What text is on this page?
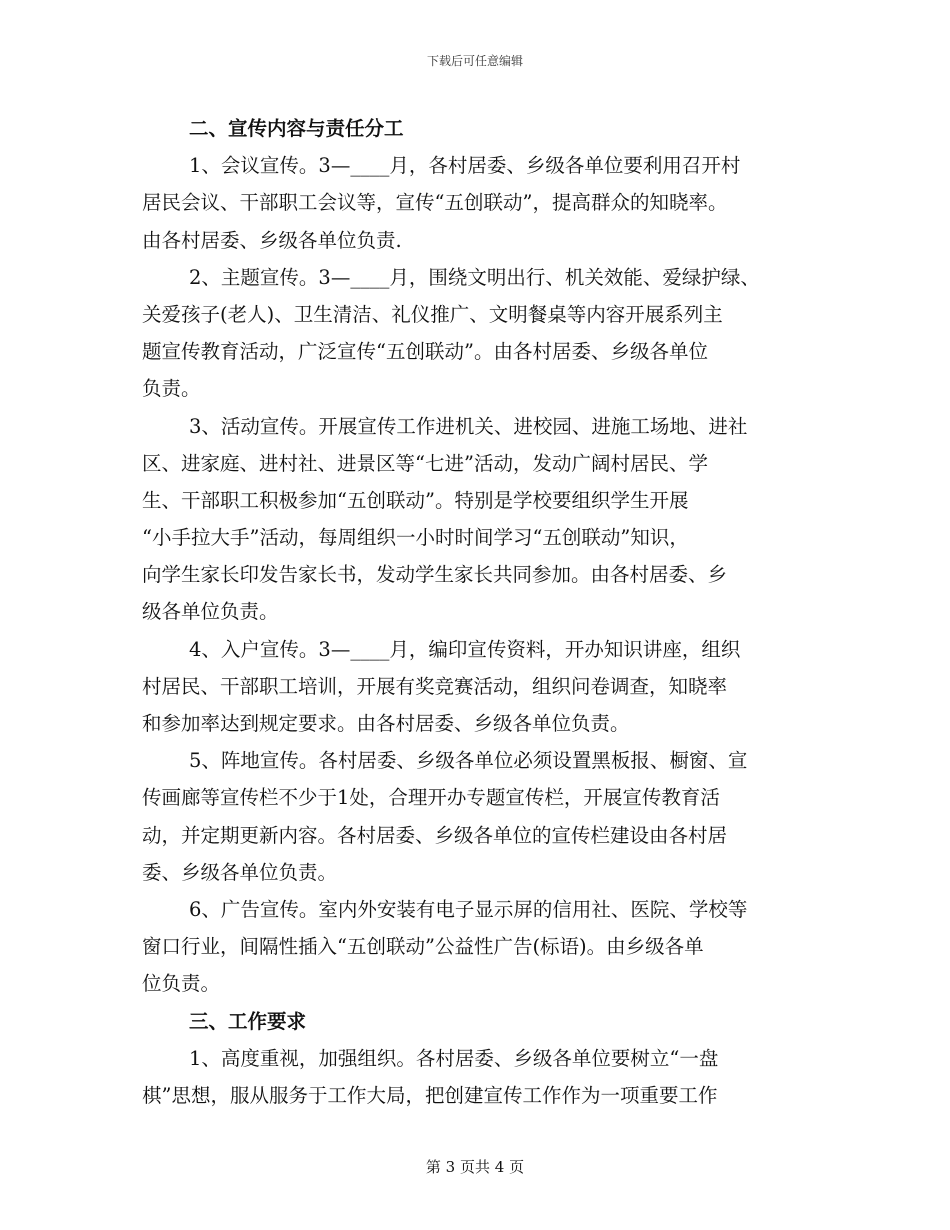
下载后可任意编辑
二、宣传内容与责任分工
1、会议宣传。3—____月，各村居委、乡级各单位要利用召开村
居民会议、干部职工会议等，宣传“五创联动”，提高群众的知晓率。
由各村居委、乡级各单位负责.
2、主题宣传。3—____月，围绕文明出行、机关效能、爱绿护绿、
关爱孩子(老人)、卫生清洁、礼仪推广、文明餐桌等内容开展系列主
题宣传教育活动，广泛宣传“五创联动”。由各村居委、乡级各单位
负责。
3、活动宣传。开展宣传工作进机关、进校园、进施工场地、进社
区、进家庭、进村社、进景区等“七进”活动，发动广阔村居民、学
生、干部职工积极参加“五创联动”。特别是学校要组织学生开展
“小手拉大手”活动，每周组织一小时时间学习“五创联动”知识，
向学生家长印发告家长书，发动学生家长共同参加。由各村居委、乡
级各单位负责。
4、入户宣传。3—____月，编印宣传资料，开办知识讲座，组织
村居民、干部职工培训，开展有奖竞赛活动，组织问卷调查，知晓率
和参加率达到规定要求。由各村居委、乡级各单位负责。
5、阵地宣传。各村居委、乡级各单位必须设置黑板报、橱窗、宣
传画廊等宣传栏不少于1处，合理开办专题宣传栏，开展宣传教育活
动，并定期更新内容。各村居委、乡级各单位的宣传栏建设由各村居
委、乡级各单位负责。
6、广告宣传。室内外安装有电子显示屏的信用社、医院、学校等
窗口行业，间隔性插入“五创联动”公益性广告(标语)。由乡级各单
位负责。
三、工作要求
1、高度重视，加强组织。各村居委、乡级各单位要树立“一盘
棋”思想，服从服务于工作大局，把创建宣传工作作为一项重要工作
第 3 页共 4 页
